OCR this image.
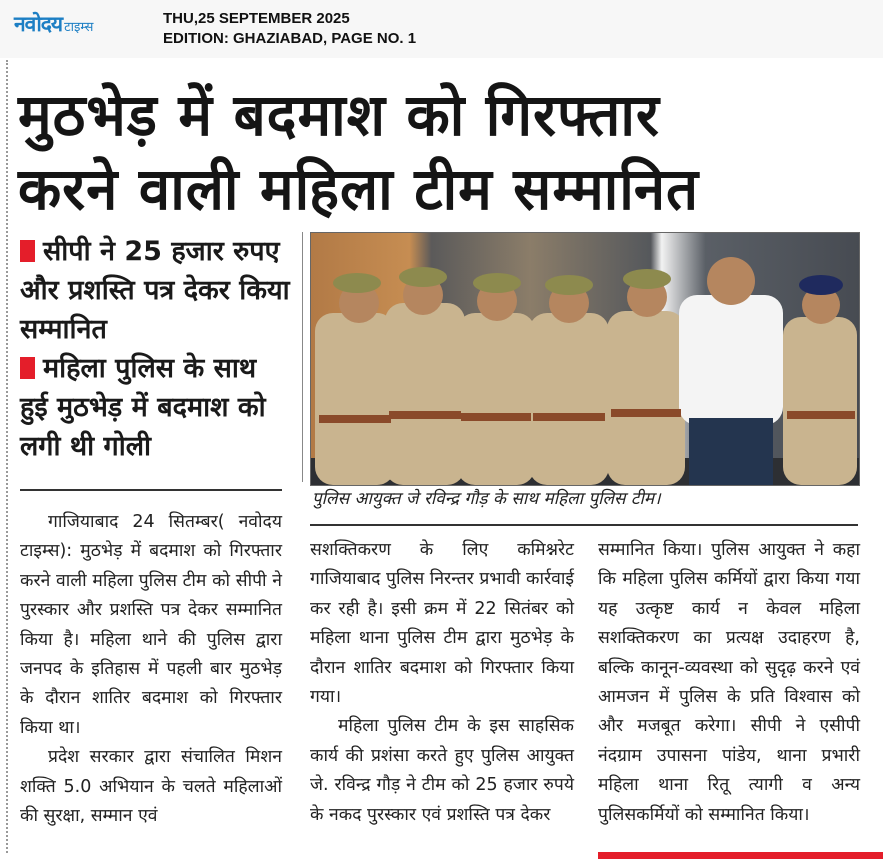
नवोदय टाइम्स
THU,25 SEPTEMBER 2025
EDITION: GHAZIABAD, PAGE NO. 1
मुठभेड़ में बदमाश को गिरफ्तार
करने वाली महिला टीम सम्मानित
सीपी ने 25 हजार रुपए और प्रशस्ति पत्र देकर किया सम्मानित
महिला पुलिस के साथ हुई मुठभेड़ में बदमाश को लगी थी गोली
पुलिस आयुक्त जे रविन्द्र गौड़ के साथ महिला पुलिस टीम।

गाजियाबाद 24 सितम्बर( नवोदय टाइम्स): मुठभेड़ में बदमाश को गिरफ्तार करने वाली महिला पुलिस टीम को सीपी ने पुरस्कार और प्रशस्ति पत्र देकर सम्मानित किया है। महिला थाने की पुलिस द्वारा जनपद के इतिहास में पहली बार मुठभेड़ के दौरान शातिर बदमाश को गिरफ्तार किया था।

प्रदेश सरकार द्वारा संचालित मिशन शक्ति 5.0 अभियान के चलते महिलाओं की सुरक्षा, सम्मान एवं

सशक्तिकरण के लिए कमिश्नरेट गाजियाबाद पुलिस निरन्तर प्रभावी कार्रवाई कर रही है। इसी क्रम में 22 सितंबर को महिला थाना पुलिस टीम द्वारा मुठभेड़ के दौरान शातिर बदमाश को गिरफ्तार किया गया।

महिला पुलिस टीम के इस साहसिक कार्य की प्रशंसा करते हुए पुलिस आयुक्त जे. रविन्द्र गौड़ ने टीम को 25 हजार रुपये के नकद पुरस्कार एवं प्रशस्ति पत्र देकर

सम्मानित किया। पुलिस आयुक्त ने कहा कि महिला पुलिस कर्मियों द्वारा किया गया यह उत्कृष्ट कार्य न केवल महिला सशक्तिकरण का प्रत्यक्ष उदाहरण है, बल्कि कानून-व्यवस्था को सुदृढ़ करने एवं आमजन में पुलिस के प्रति विश्वास को और मजबूत करेगा। सीपी ने एसीपी नंदग्राम उपासना पांडेय, थाना प्रभारी महिला थाना रितू त्यागी व अन्य पुलिसकर्मियों को सम्मानित किया।
